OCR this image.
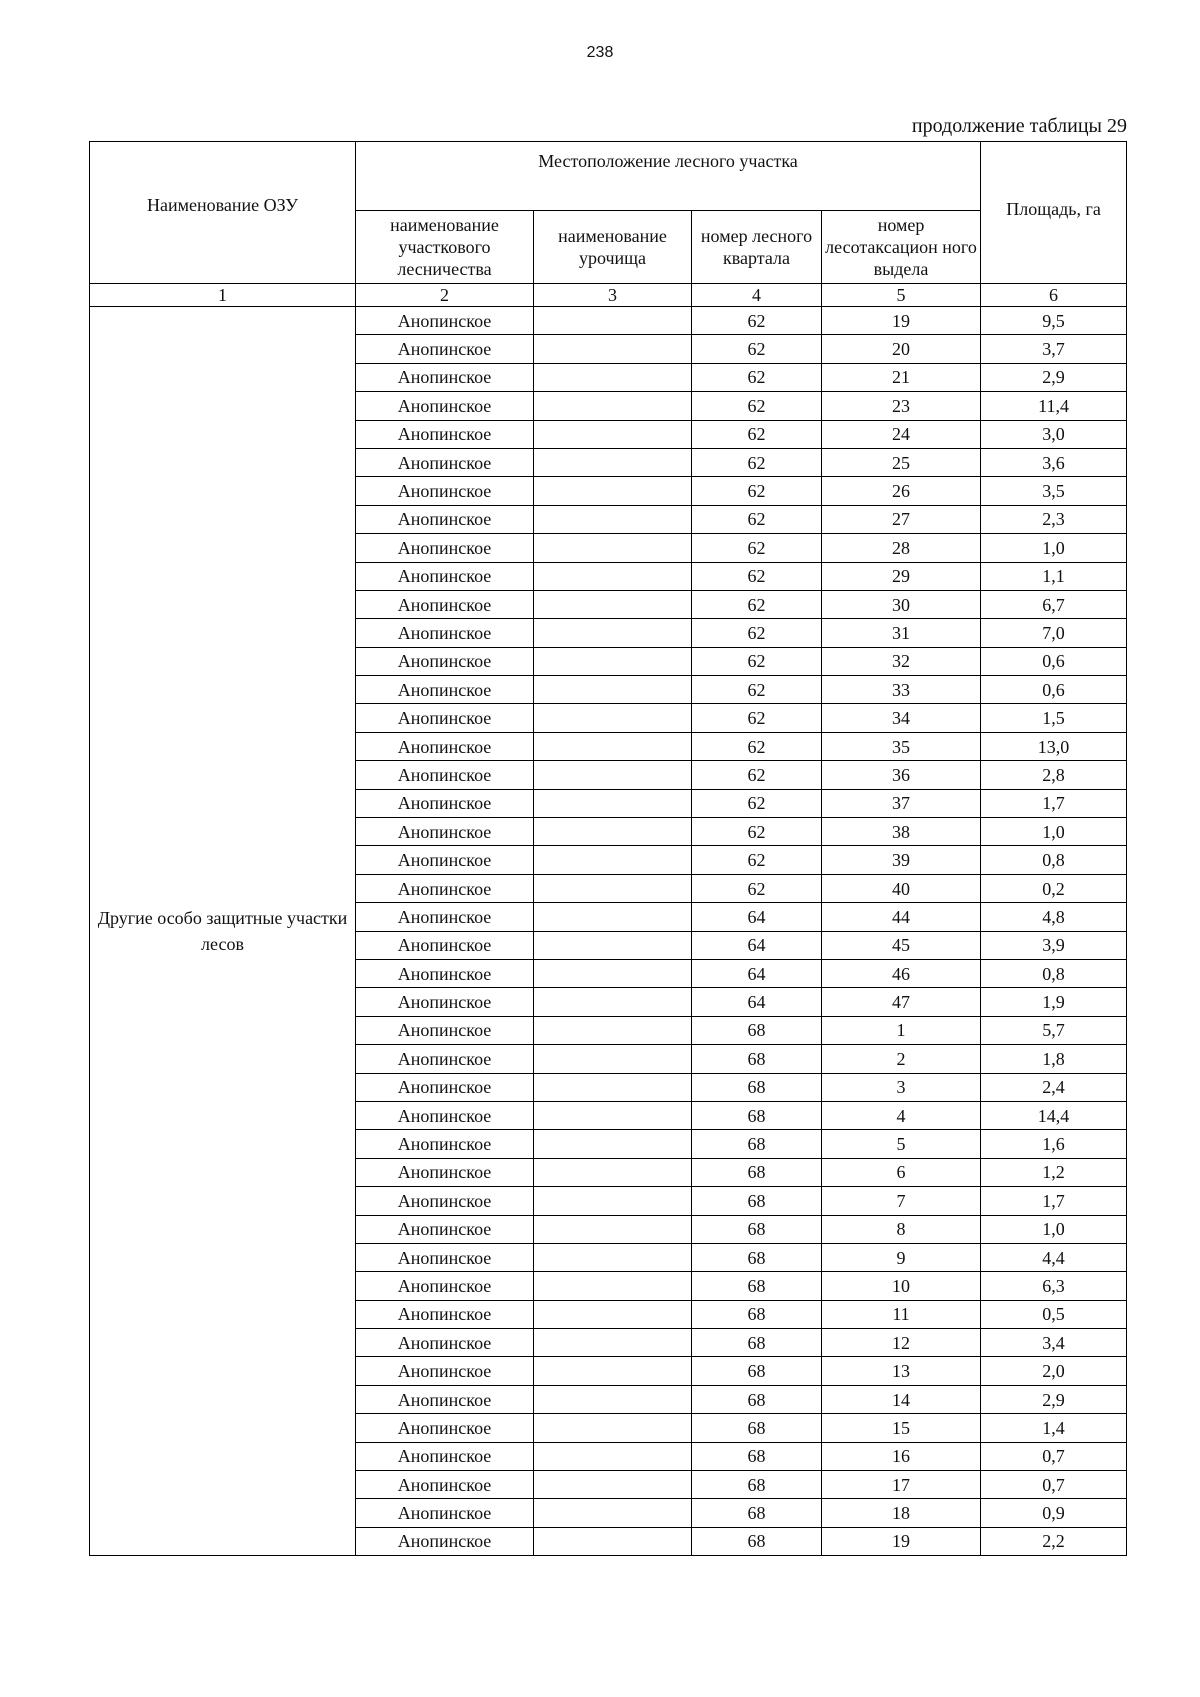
238
продолжение таблицы 29
Наименование ОЗУ	Местоположение лесного участка				Площадь, га
	наименование участкового лесничества	наименование урочища	номер лесного квартала	номер лесотаксацион ного выдела	
1	2	3	4	5	6
Другие особо защитные участки лесов	Анопинское		62	19	9,5
	Анопинское		62	20	3,7
	Анопинское		62	21	2,9
	Анопинское		62	23	11,4
	Анопинское		62	24	3,0
	Анопинское		62	25	3,6
	Анопинское		62	26	3,5
	Анопинское		62	27	2,3
	Анопинское		62	28	1,0
	Анопинское		62	29	1,1
	Анопинское		62	30	6,7
	Анопинское		62	31	7,0
	Анопинское		62	32	0,6
	Анопинское		62	33	0,6
	Анопинское		62	34	1,5
	Анопинское		62	35	13,0
	Анопинское		62	36	2,8
	Анопинское		62	37	1,7
	Анопинское		62	38	1,0
	Анопинское		62	39	0,8
	Анопинское		62	40	0,2
	Анопинское		64	44	4,8
	Анопинское		64	45	3,9
	Анопинское		64	46	0,8
	Анопинское		64	47	1,9
	Анопинское		68	1	5,7
	Анопинское		68	2	1,8
	Анопинское		68	3	2,4
	Анопинское		68	4	14,4
	Анопинское		68	5	1,6
	Анопинское		68	6	1,2
	Анопинское		68	7	1,7
	Анопинское		68	8	1,0
	Анопинское		68	9	4,4
	Анопинское		68	10	6,3
	Анопинское		68	11	0,5
	Анопинское		68	12	3,4
	Анопинское		68	13	2,0
	Анопинское		68	14	2,9
	Анопинское		68	15	1,4
	Анопинское		68	16	0,7
	Анопинское		68	17	0,7
	Анопинское		68	18	0,9
	Анопинское		68	19	2,2
